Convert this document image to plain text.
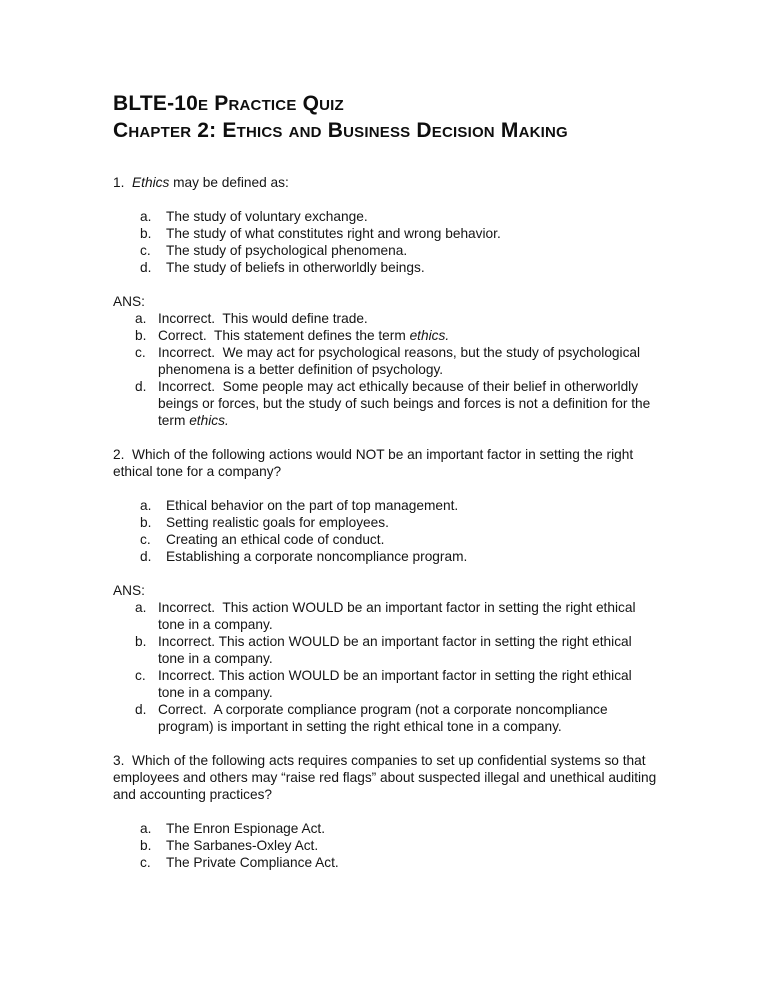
BLTE-10e Practice Quiz
Chapter 2: Ethics and Business Decision Making

1.  Ethics may be defined as:

a.	The study of voluntary exchange.
b.	The study of what constitutes right and wrong behavior.
c.	The study of psychological phenomena.
d.	The study of beliefs in otherworldly beings.
ANS:
a. Incorrect.  This would define trade.
b. Correct.  This statement defines the term ethics.
c. Incorrect.  We may act for psychological reasons, but the study of psychological phenomena is a better definition of psychology.
d. Incorrect.  Some people may act ethically because of their belief in otherworldly beings or forces, but the study of such beings and forces is not a definition for the term ethics.

2.  Which of the following actions would NOT be an important factor in setting the right ethical tone for a company?

a.	Ethical behavior on the part of top management.
b.	Setting realistic goals for employees.
c.	Creating an ethical code of conduct.
d.	Establishing a corporate noncompliance program.
ANS:
a. Incorrect.  This action WOULD be an important factor in setting the right ethical tone in a company.
b. Incorrect. This action WOULD be an important factor in setting the right ethical tone in a company.
c. Incorrect. This action WOULD be an important factor in setting the right ethical tone in a company.
d. Correct.  A corporate compliance program (not a corporate noncompliance program) is important in setting the right ethical tone in a company.

3.  Which of the following acts requires companies to set up confidential systems so that employees and others may “raise red flags” about suspected illegal and unethical auditing and accounting practices?

a.	The Enron Espionage Act.
b.	The Sarbanes-Oxley Act.
c.	The Private Compliance Act.
